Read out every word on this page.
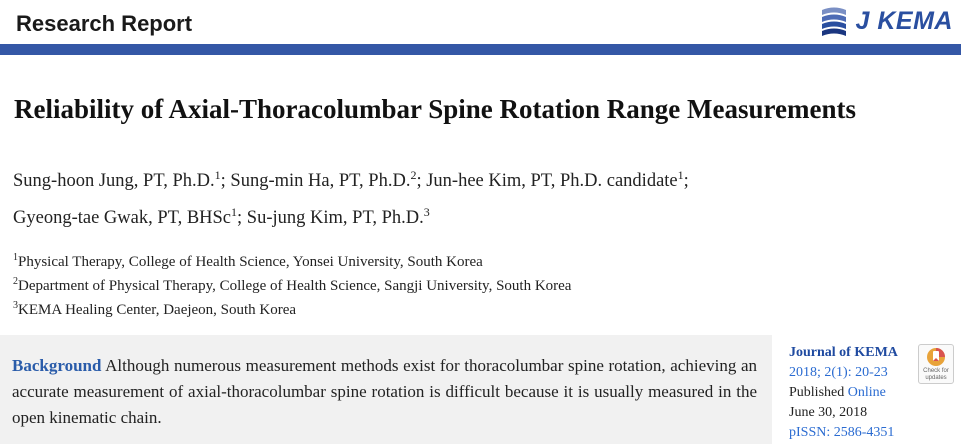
Research Report	J KEMA
Reliability of Axial-Thoracolumbar Spine Rotation Range Measurements
Sung-hoon Jung, PT, Ph.D.$^1$; Sung-min Ha, PT, Ph.D.$^2$; Jun-hee Kim, PT, Ph.D. candidate$^1$;
Gyeong-tae Gwak, PT, BHSc$^1$; Su-jung Kim, PT, Ph.D.$^3$
$^1$Physical Therapy, College of Health Science, Yonsei University, South Korea
$^2$Department of Physical Therapy, College of Health Science, Sangji University, South Korea
$^3$KEMA Healing Center, Daejeon, South Korea
Background Although numerous measurement methods exist for thoracolumbar spine rotation, achieving an accurate measurement of axial-thoracolumbar spine rotation is difficult because it is usually measured in the open kinematic chain.
Journal of KEMA
2018; 2(1): 20-23
Published Online
June 30, 2018
pISSN: 2586-4351
Check for
updates
